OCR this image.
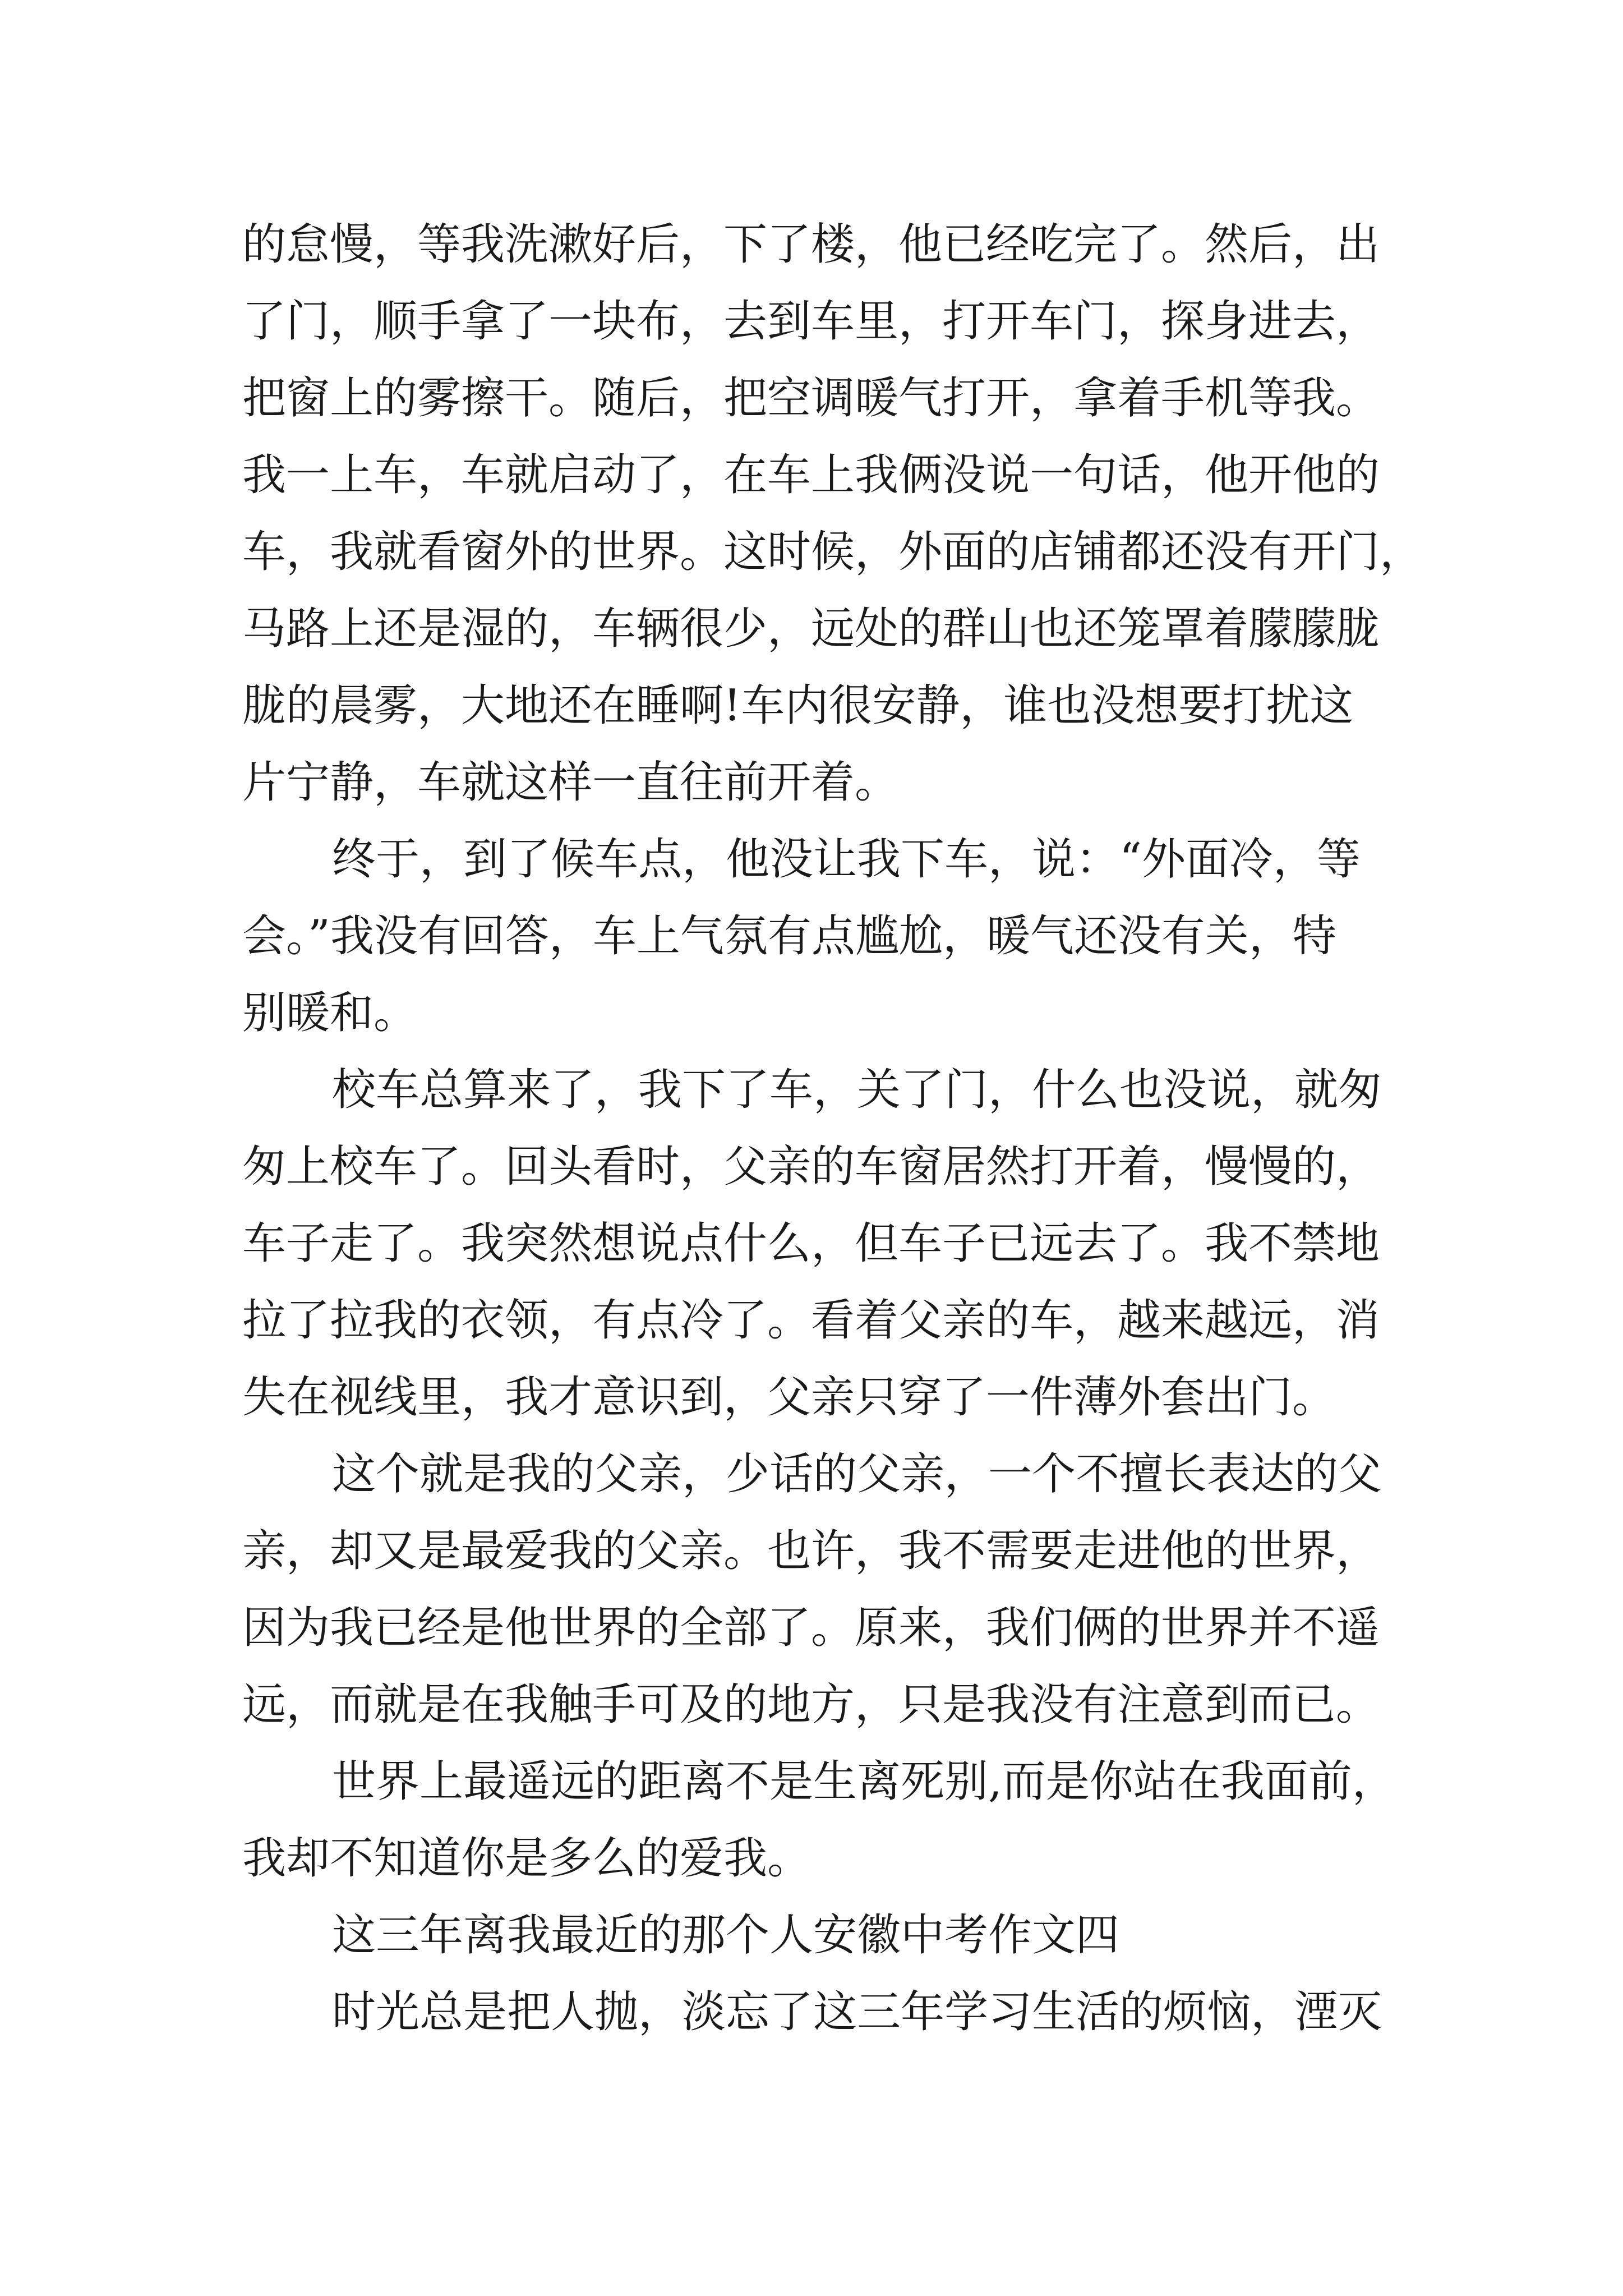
的怠慢，等我洗漱好后，下了楼，他已经吃完了。然后，出
了门，顺手拿了一块布，去到车里，打开车门，探身进去，
把窗上的雾擦干。随后，把空调暖气打开，拿着手机等我。
我一上车，车就启动了，在车上我俩没说一句话，他开他的
车，我就看窗外的世界。这时候，外面的店铺都还没有开门，
马路上还是湿的，车辆很少，远处的群山也还笼罩着朦朦胧
胧的晨雾，大地还在睡啊!车内很安静，谁也没想要打扰这
片宁静，车就这样一直往前开着。
终于，到了候车点，他没让我下车，说：“外面冷，等
会。”我没有回答，车上气氛有点尴尬，暖气还没有关，特
别暖和。
校车总算来了，我下了车，关了门，什么也没说，就匆
匆上校车了。回头看时，父亲的车窗居然打开着，慢慢的，
车子走了。我突然想说点什么，但车子已远去了。我不禁地
拉了拉我的衣领，有点冷了。看着父亲的车，越来越远，消
失在视线里，我才意识到，父亲只穿了一件薄外套出门。
这个就是我的父亲，少话的父亲，一个不擅长表达的父
亲，却又是最爱我的父亲。也许，我不需要走进他的世界，
因为我已经是他世界的全部了。原来，我们俩的世界并不遥
远，而就是在我触手可及的地方，只是我没有注意到而已。
世界上最遥远的距离不是生离死别,而是你站在我面前，
我却不知道你是多么的爱我。
这三年离我最近的那个人安徽中考作文四
时光总是把人抛，淡忘了这三年学习生活的烦恼，湮灭
